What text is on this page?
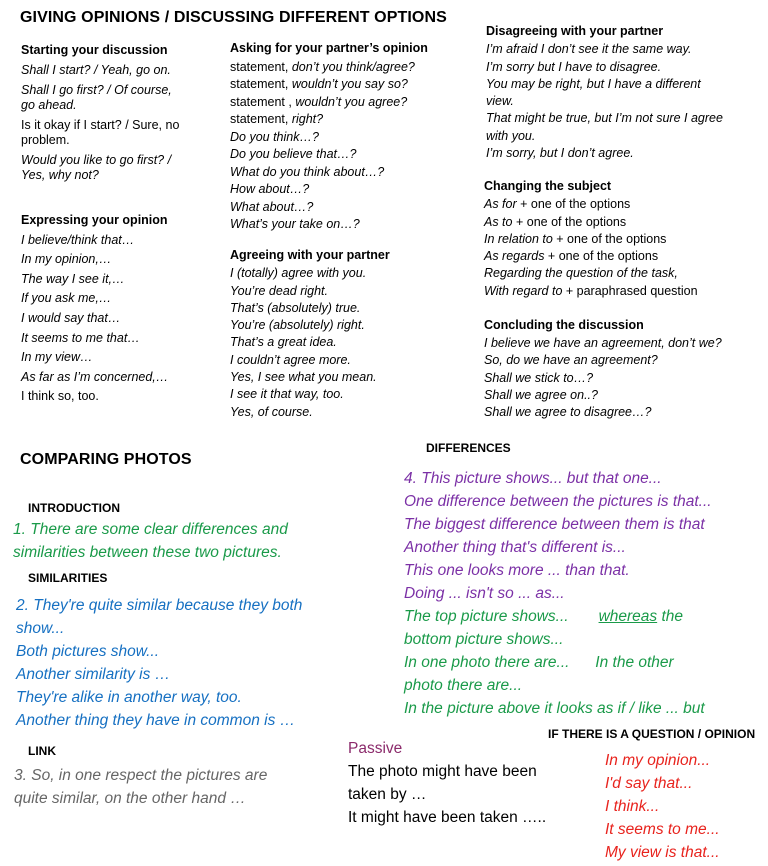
GIVING OPINIONS / DISCUSSING DIFFERENT OPTIONS
Starting your discussion
Shall I start? / Yeah, go on.
Shall I go first? / Of course,
go ahead.
Is it okay if I start? / Sure, no
problem.
Would you like to go first? /
Yes, why not?
Expressing your opinion
I believe/think that…
In my opinion,…
The way I see it,…
If you ask me,…
I would say that…
It seems to me that…
In my view…
As far as I’m concerned,…
I think so, too.
Asking for your partner’s opinion
statement, don’t you think/agree?
statement, wouldn’t you say so?
statement , wouldn’t you agree?
statement, right?
Do you think…?
Do you believe that…?
What do you think about…?
How about…?
What about…?
What’s your take on…?
Agreeing with your partner
I (totally) agree with you.
You’re dead right.
That’s (absolutely) true.
You’re (absolutely) right.
That’s a great idea.
I couldn’t agree more.
Yes, I see what you mean.
I see it that way, too.
Yes, of course.
Disagreeing with your partner
I’m afraid I don’t see it the same way.
I’m sorry but I have to disagree.
You may be right, but I have a different
view.
That might be true, but I’m not sure I agree
with you.
I’m sorry, but I don’t agree.
Changing the subject
As for + one of the options
As to + one of the options
In relation to + one of the options
As regards + one of the options
Regarding the question of the task,
With regard to + paraphrased question
Concluding the discussion
I believe we have an agreement, don’t we?
So, do we have an agreement?
Shall we stick to…?
Shall we agree on..?
Shall we agree to disagree…?
COMPARING PHOTOS
INTRODUCTION
1. There are some clear differences and
similarities between these two pictures.
SIMILARITIES
2. They're quite similar because they both
show...
Both pictures show...
Another similarity is …
They're alike in another way, too.
Another thing they have in common is …
LINK
3. So, in one respect the pictures are
quite similar, on the other hand …
DIFFERENCES
4. This picture shows... but that one...
One difference between the pictures is that...
The biggest difference between them is that
Another thing that's different is...
This one looks more ... than that.
Doing ... isn't so ... as...
The top picture shows... whereas the
bottom picture shows...
In one photo there are...      In the other
photo there are...
In the picture above it looks as if / like ... but
Passive
The photo might have been
taken by …
It might have been taken …..
IF THERE IS A QUESTION / OPINION
In my opinion...
I'd say that...
I think...
It seems to me...
My view is that...
